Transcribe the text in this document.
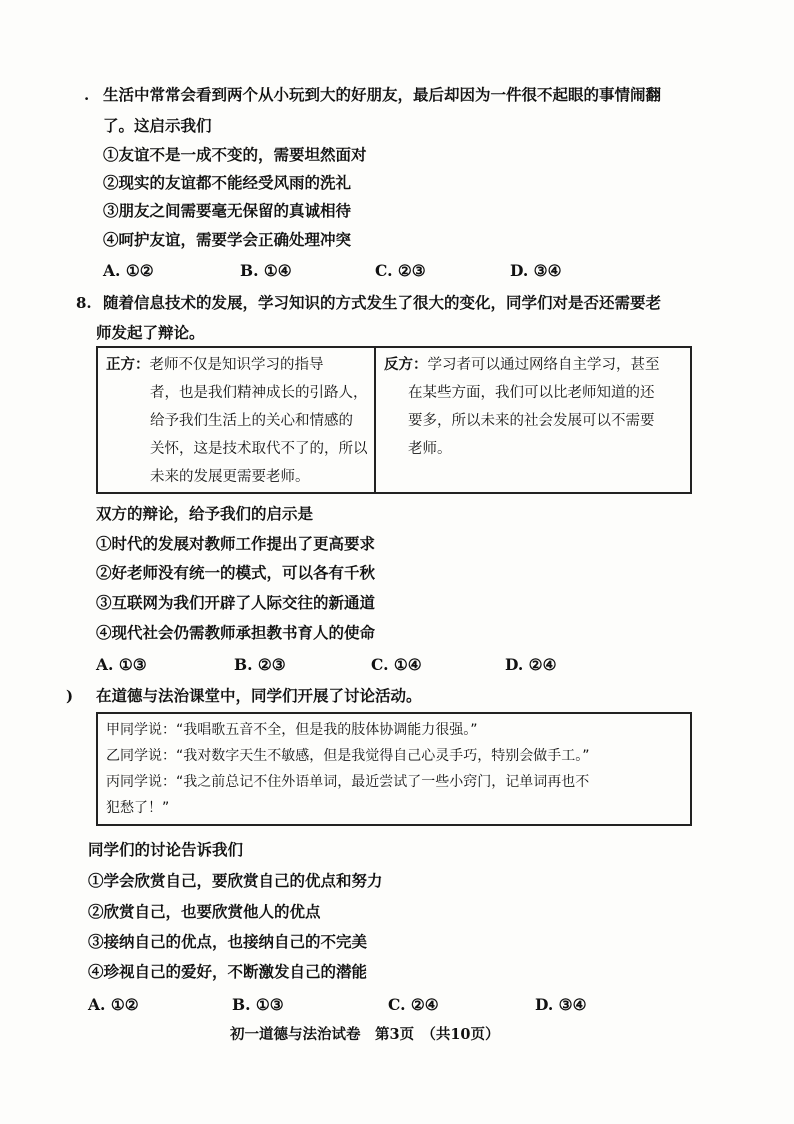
. 生活中常常会看到两个从小玩到大的好朋友，最后却因为一件很不起眼的事情闹翻
了。这启示我们
①友谊不是一成不变的，需要坦然面对
②现实的友谊都不能经受风雨的洗礼
③朋友之间需要毫无保留的真诚相待
④呵护友谊，需要学会正确处理冲突
A. ①②	B. ①④	C. ②③	D. ③④
8. 随着信息技术的发展，学习知识的方式发生了很大的变化，同学们对是否还需要老
师发起了辩论。
正方：老师不仅是知识学习的指导
者，也是我们精神成长的引路人，
给予我们生活上的关心和情感的
关怀，这是技术取代不了的，所以
未来的发展更需要老师。
反方：学习者可以通过网络自主学习，甚至
在某些方面，我们可以比老师知道的还
要多，所以未来的社会发展可以不需要
老师。
双方的辩论，给予我们的启示是
①时代的发展对教师工作提出了更高要求
②好老师没有统一的模式，可以各有千秋
③互联网为我们开辟了人际交往的新通道
④现代社会仍需教师承担教书育人的使命
A. ①③	B. ②③	C. ①④	D. ②④
) 在道德与法治课堂中，同学们开展了讨论活动。
甲同学说：“我唱歌五音不全，但是我的肢体协调能力很强。”
乙同学说：“我对数字天生不敏感，但是我觉得自己心灵手巧，特别会做手工。”
丙同学说：“我之前总记不住外语单词，最近尝试了一些小窍门，记单词再也不
犯愁了！”
同学们的讨论告诉我们
①学会欣赏自己，要欣赏自己的优点和努力
②欣赏自己，也要欣赏他人的优点
③接纳自己的优点，也接纳自己的不完美
④珍视自己的爱好，不断激发自己的潜能
A. ①②	B. ①③	C. ②④	D. ③④
初一道德与法治试卷　第3页　（共10页）
